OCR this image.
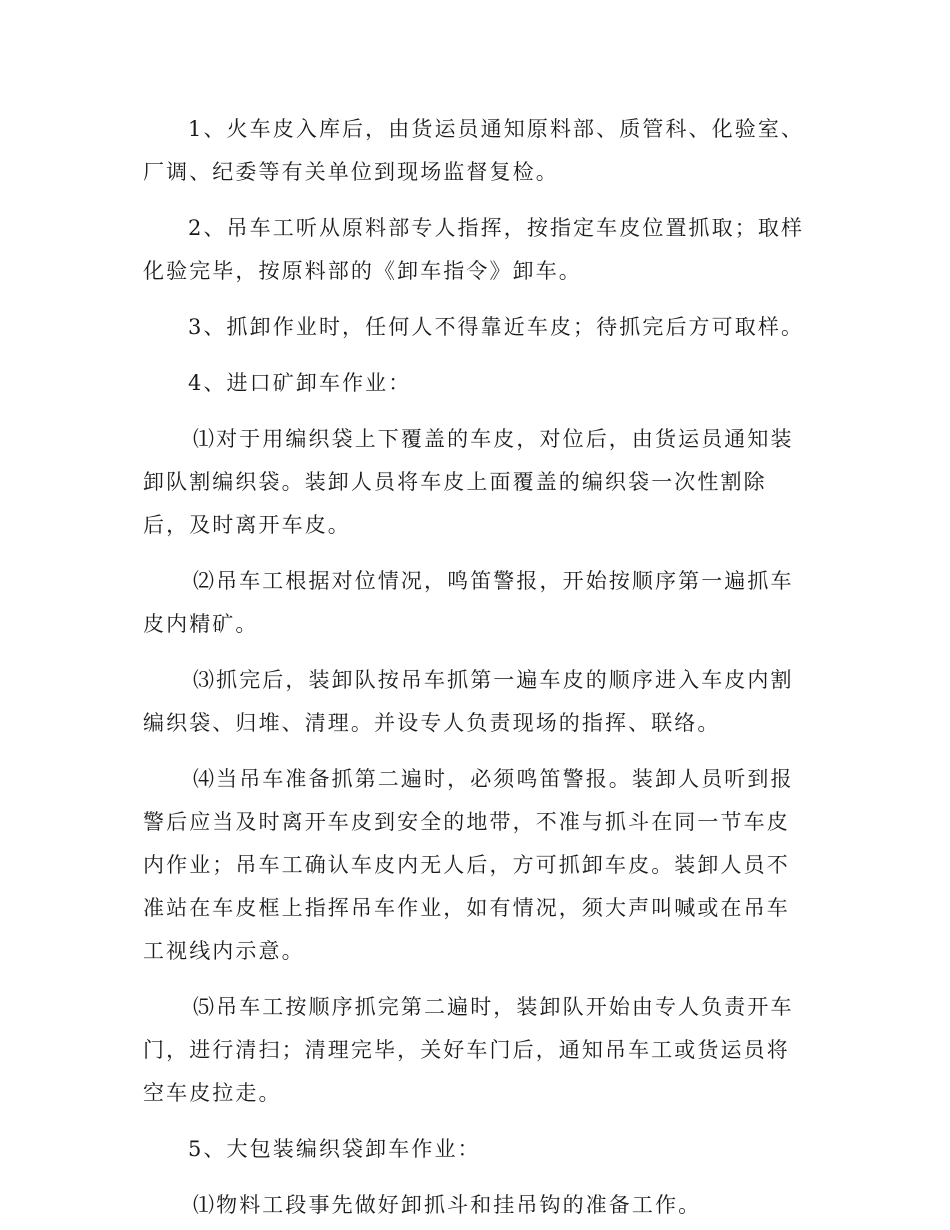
1、火车皮入库后，由货运员通知原料部、质管科、化验室、厂调、纪委等有关单位到现场监督复检。

2、吊车工听从原料部专人指挥，按指定车皮位置抓取；取样化验完毕，按原料部的《卸车指令》卸车。

3、抓卸作业时，任何人不得靠近车皮；待抓完后方可取样。

4、进口矿卸车作业：

⑴对于用编织袋上下覆盖的车皮，对位后，由货运员通知装卸队割编织袋。装卸人员将车皮上面覆盖的编织袋一次性割除后，及时离开车皮。

⑵吊车工根据对位情况，鸣笛警报，开始按顺序第一遍抓车皮内精矿。

⑶抓完后，装卸队按吊车抓第一遍车皮的顺序进入车皮内割编织袋、归堆、清理。并设专人负责现场的指挥、联络。

⑷当吊车准备抓第二遍时，必须鸣笛警报。装卸人员听到报警后应当及时离开车皮到安全的地带，不准与抓斗在同一节车皮内作业；吊车工确认车皮内无人后，方可抓卸车皮。装卸人员不准站在车皮框上指挥吊车作业，如有情况，须大声叫喊或在吊车工视线内示意。

⑸吊车工按顺序抓完第二遍时，装卸队开始由专人负责开车门，进行清扫；清理完毕，关好车门后，通知吊车工或货运员将空车皮拉走。

5、大包装编织袋卸车作业：

⑴物料工段事先做好卸抓斗和挂吊钩的准备工作。
